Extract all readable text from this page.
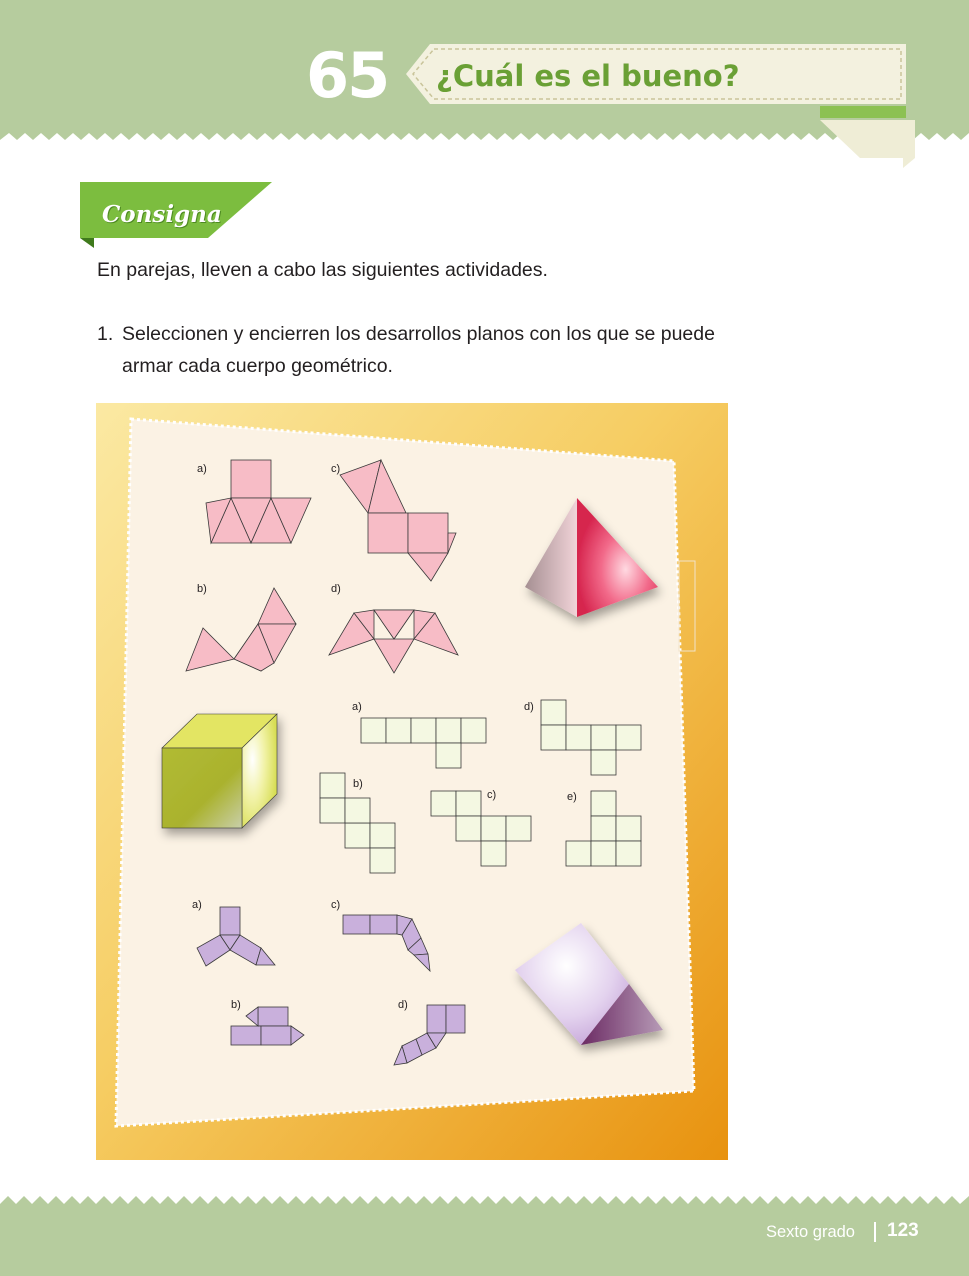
65	¿Cuál es el bueno?
Consigna
En parejas, lleven a cabo las siguientes actividades.
1. Seleccionen y encierren los desarrollos planos con los que se puede armar cada cuerpo geométrico.
a)	c)
b)	d)
a)	d)
b)
c)	e)
a)	c)
b)	d)
Sexto grado 123
